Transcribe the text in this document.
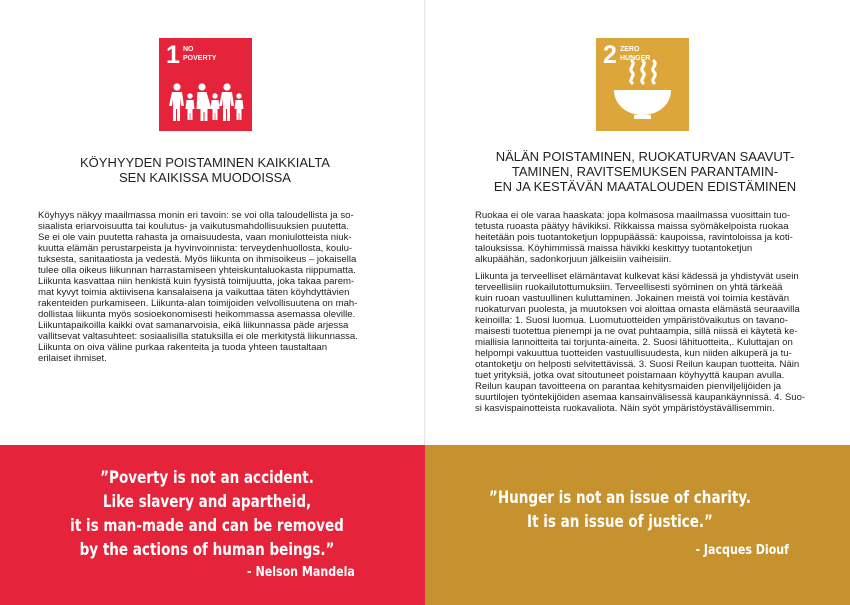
1 NO
POVERTY

KÖYHYYDEN POISTAMINEN KAIKKIALTA

SEN KAIKISSA MUODOISSA

Köyhyys näkyy maailmassa monin eri tavoin: se voi olla taloudellista ja so-
siaalista eriarvoisuutta tai koulutus- ja vaikutusmahdollisuuksien puutetta.
Se ei ole vain puutetta rahasta ja omaisuudesta, vaan moniulotteista niuk-
kuutta elämän perustarpeista ja hyvinvoinnista: terveydenhuollosta, koulu-
tuksesta, sanitaatiosta ja vedestä. Myös liikunta on ihmisoikeus – jokaisella
tulee olla oikeus liikunnan harrastamiseen yhteiskuntaluokasta riippumatta.
Liikunta kasvattaa niin henkistä kuin fyysistä toimijuutta, joka takaa parem-
mat kyvyt toimia aktiivisena kansalaisena ja vaikuttaa täten köyhdyttävien
rakenteiden purkamiseen. Liikunta-alan toimijoiden velvollisuutena on mah-
dollistaa liikunta myös sosioekonomisesti heikommassa asemassa oleville.
Liikuntapaikoilla kaikki ovat samanarvoisia, eikä liikunnassa päde arjessa
vallitsevat valtasuhteet: sosiaalisilla statuksilla ei ole merkitystä liikunnassa.
Liikunta on oiva väline purkaa rakenteita ja tuoda yhteen taustaltaan
erilaiset ihmiset.

”Poverty is not an accident.
Like slavery and apartheid,
it is man-made and can be removed
by the actions of human beings.”
- Nelson Mandela
2 ZERO
HUNGER

NÄLÄN POISTAMINEN, RUOKATURVAN SAAVUT-

TAMINEN, RAVITSEMUKSEN PARANTAMIN-

EN JA KESTÄVÄN MAATALOUDEN EDISTÄMINEN

Ruokaa ei ole varaa haaskata: jopa kolmasosa maailmassa vuosittain tuo-
tetusta ruoasta päätyy hävikiksi. Rikkaissa maissa syömäkelpoista ruokaa
heitetään pois tuotantoketjun loppupäässä: kaupoissa, ravintoloissa ja koti-
talouksissa. Köyhimmissä maissa hävikki keskittyy tuotantoketjun
alkupäähän, sadonkorjuun jälkeisiin vaiheisiin.

Liikunta ja terveelliset elämäntavat kulkevat käsi kädessä ja yhdistyvät usein
terveellisiin ruokailutottumuksiin. Terveellisesti syöminen on yhtä tärkeää
kuin ruoan vastuullinen kuluttaminen. Jokainen meistä voi toimia kestävän
ruokaturvan puolesta, ja muutoksen voi aloittaa omasta elämästä seuraavilla
keinoilla: 1. Suosi luomua. Luomutuotteiden ympäristövaikutus on tavano-
maisesti tuotettua pienempi ja ne ovat puhtaampia, sillä niissä ei käytetä ke-
miallisia lannoitteita tai torjunta-aineita. 2. Suosi lähituotteita,. Kuluttajan on
helpompi vakuuttua tuotteiden vastuullisuudesta, kun niiden alkuperä ja tu-
otantoketju on helposti selvitettävissä. 3. Suosi Reilun kaupan tuotteita. Näin
tuet yrityksiä, jotka ovat sitoutuneet poistamaan köyhyyttä kaupan avulla.
Reilun kaupan tavoitteena on parantaa kehitysmaiden pienviljelijöiden ja
suurtilojen työntekijöiden asemaa kansainvälisessä kaupankäynnissä. 4. Suo-
si kasvispainotteista ruokavaliota. Näin syöt ympäristöystävällisemmin.

”Hunger is not an issue of charity.
It is an issue of justice.”
- Jacques Diouf
